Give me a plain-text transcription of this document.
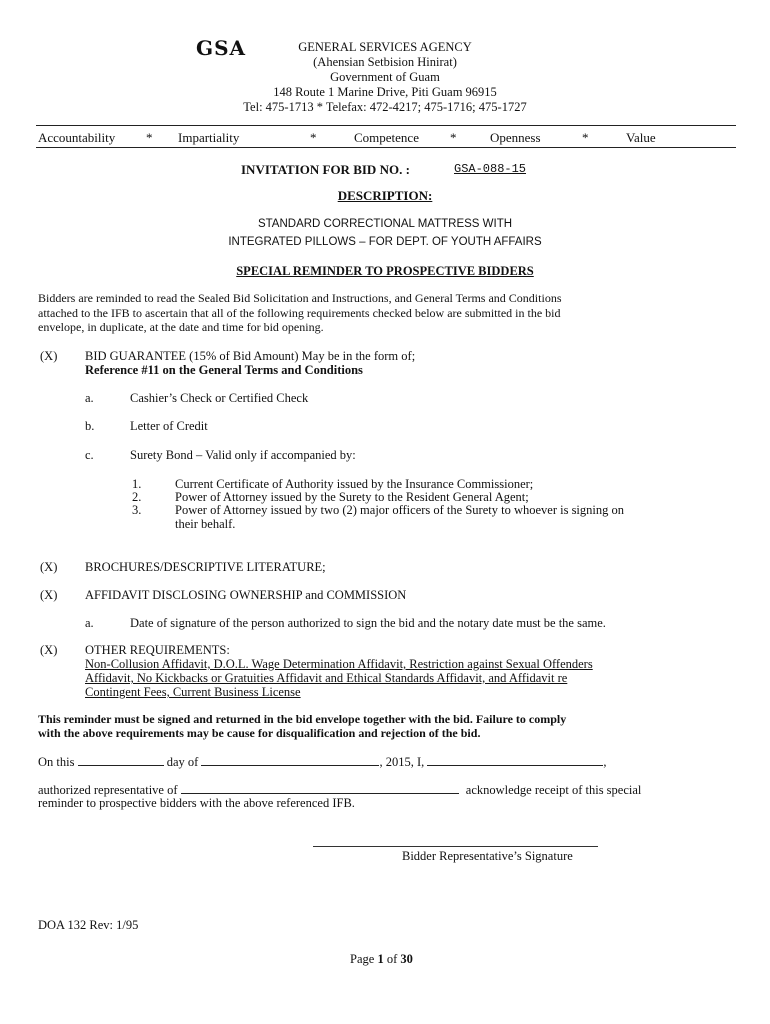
GSA	GENERAL SERVICES AGENCY
(Ahensian Setbision Hinirat)
Government of Guam
148 Route 1 Marine Drive, Piti Guam 96915
Tel: 475-1713 * Telefax: 472-4217; 475-1716; 475-1727
Accountability * Impartiality	*	Competence *	Openness	*	Value
INVITATION FOR BID NO. :	GSA-088-15
DESCRIPTION:
STANDARD CORRECTIONAL MATTRESS WITH
INTEGRATED PILLOWS – FOR DEPT. OF YOUTH AFFAIRS
SPECIAL REMINDER TO PROSPECTIVE BIDDERS
Bidders are reminded to read the Sealed Bid Solicitation and Instructions, and General Terms and Conditions
attached to the IFB to ascertain that all of the following requirements checked below are submitted in the bid
envelope, in duplicate, at the date and time for bid opening.
(X) BID GUARANTEE (15% of Bid Amount) May be in the form of;
Reference #11 on the General Terms and Conditions
a.	Cashier’s Check or Certified Check
b.	Letter of Credit
c.	Surety Bond – Valid only if accompanied by:
1.	Current Certificate of Authority issued by the Insurance Commissioner;
2.	Power of Attorney issued by the Surety to the Resident General Agent;
3.	Power of Attorney issued by two (2) major officers of the Surety to whoever is signing on
their behalf.
(X) BROCHURES/DESCRIPTIVE LITERATURE;
(X) AFFIDAVIT DISCLOSING OWNERSHIP and COMMISSION
a.	Date of signature of the person authorized to sign the bid and the notary date must be the same.
(X) OTHER REQUIREMENTS:
Non-Collusion Affidavit, D.O.L. Wage Determination Affidavit, Restriction against Sexual Offenders
Affidavit, No Kickbacks or Gratuities Affidavit and Ethical Standards Affidavit, and Affidavit re
Contingent Fees, Current Business License
This reminder must be signed and returned in the bid envelope together with the bid. Failure to comply
with the above requirements may be cause for disqualification and rejection of the bid.
On this	day of	, 2015, I,	,
authorized representative of	acknowledge receipt of this special
reminder to prospective bidders with the above referenced IFB.
Bidder Representative’s Signature
DOA 132 Rev: 1/95
Page 1 of 30
